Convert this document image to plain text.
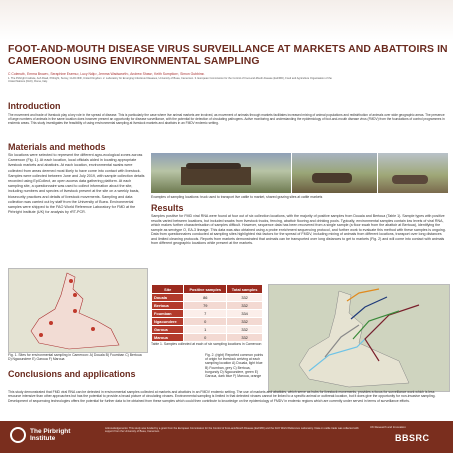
FOOT-AND-MOUTH DISEASE VIRUS SURVEILLANCE AT MARKETS AND ABATTOIRS IN CAMEROON USING ENVIRONMENTAL SAMPLING
C Colenutt¹, Emma Brown¹, Seraphine Esemu², Lucy Ndip², Jemma Wadsworth¹, Andrew Shaw³, Keith Sumption³, Simon Gubbins¹
1. The Pirbright Institute, Ash Road, Pirbright, Surrey, GU24 0NF, United Kingdom. 2. Laboratory for Emerging Infectious Diseases, University of Buea, Cameroon. 3. European Commission for the Control of Foot-and-Mouth disease (EuFMD), Food and Agriculture Organisation of the United Nations (FAO), Rome, Italy.
Introduction
The movement and trade of livestock play a key role in the spread of disease. This is particularly the case where live animal markets are involved, as movement of animals through markets facilitates increased mixing of animal populations and redistribution of animals over wide geographic areas. The presence of large numbers of animals in the same location does however present an opportunity for disease surveillance, with the potential for detection of circulating pathogens. Active monitoring and understanding the epidemiology of foot-and-mouth disease virus (FMDV) from the foundations of control programmes in endemic areas. This study investigates the feasibility of using environmental sampling at livestock markets and abattoirs in an FMDV endemic setting.
Materials and methods
Six locations were selected to represent the different agro-ecological zones across Cameroon (Fig. 1). At each location, local officials aided in locating appropriate livestock markets and abattoirs. At each location, environmental swabs were collected from areas deemed most likely to have come into contact with livestock. Samples were collected between June and July 2019, with sample collection details recorded using EpiCollect, an open access data gathering platform. At each sampling site, a questionnaire was used to collect information about the site, including numbers and species of livestock present at the site on a weekly basis, biosecurity practices and details of livestock movements. Sampling and data collection was carried out by staff from the University of Buea. Environmental samples were shipped to the FAO World Reference Laboratory for FMD at the Pirbright Institute (UK) for analysis by rRT-PCR.
Examples of sampling locations: truck used to transport live cattle to market, shared grazing sites at cattle markets
Results
Samples positive for FMD viral RNA were found at four out of six collection locations, with the majority of positive samples from Douala and Bertoua (Table 1). Sample types with positive results varied between locations, but included swabs from livestock trucks, fencing, abattoir flooring and drinking pools. Typically, environmental samples contain low levels of viral RNA, which makes further characterisation of samples difficult. However, sequence data has been recovered from a single sample (a floor swab from the abattoir at Bertoua), identifying the sample as serotype O, EA-3 lineage. This data was also obtained using a probe enrichment sequencing protocol, and further work to evaluate this method with these samples is ongoing. Data from questionnaires conducted at sampling sites highlighted risk factors for the spread of FMDV, including mixing of animals from different locations, transport over long distances and limited cleaning protocols. Reports from markets demonstrated that animals can be transported over long distances to get to markets (Fig. 2) and will come into contact with animals from different geographic locations while present at the markets.
Fig. 1. Sites for environmental sampling in Cameroon: A) Douala B) Foumban C) Bertoua D) Ngaoundere E) Garoua F) Maroua
Site	Positive samples	Total samples
Douala	86	332
Bertoua	79	332
Foumban	7	334
Ngaoundere	0	332
Garoua	1	332
Maroua	0	332
Table 1. Samples collected at each of six sampling locations in Cameroon
Fig. 2. (right) Reported common points of origin for livestock arriving at each sampling location A) Douala, light blue B) Foumban, grey C) Bertoua, burgundy D) Ngaoundere, green E) Garoua, dark blue F) Maroua, orange
Conclusions and applications
This study demonstrated that FMD viral RNA can be detected in environmental samples collected at markets and abattoirs in an FMDV endemic setting. The use of markets and abattoirs, which serve as hubs for livestock movements, provides a focus for surveillance work which is less resource intensive than other approaches but has the potential to provide a broad picture of circulating viruses. Environmental sampling is limited in that detected viruses cannot be linked to a specific animal or outbreak location, but it does give the opportunity for non-invasive sampling. Development of sequencing technologies offers the potential for further data to be obtained from these samples which could then contribute to knowledge on the epidemiology of FMDV in endemic regions which are currently under served in terms of surveillance efforts.
The Pirbright Institute
Acknowledgements: This study was funded by a grant from the European Commission for the Control of Foot-and-Mouth Disease (EuFMD) and the FAO World Reference Laboratory. Data on cattle trade was collected with support from the University of Buea, Cameroon.
UK Research and Innovation
BBSRC
